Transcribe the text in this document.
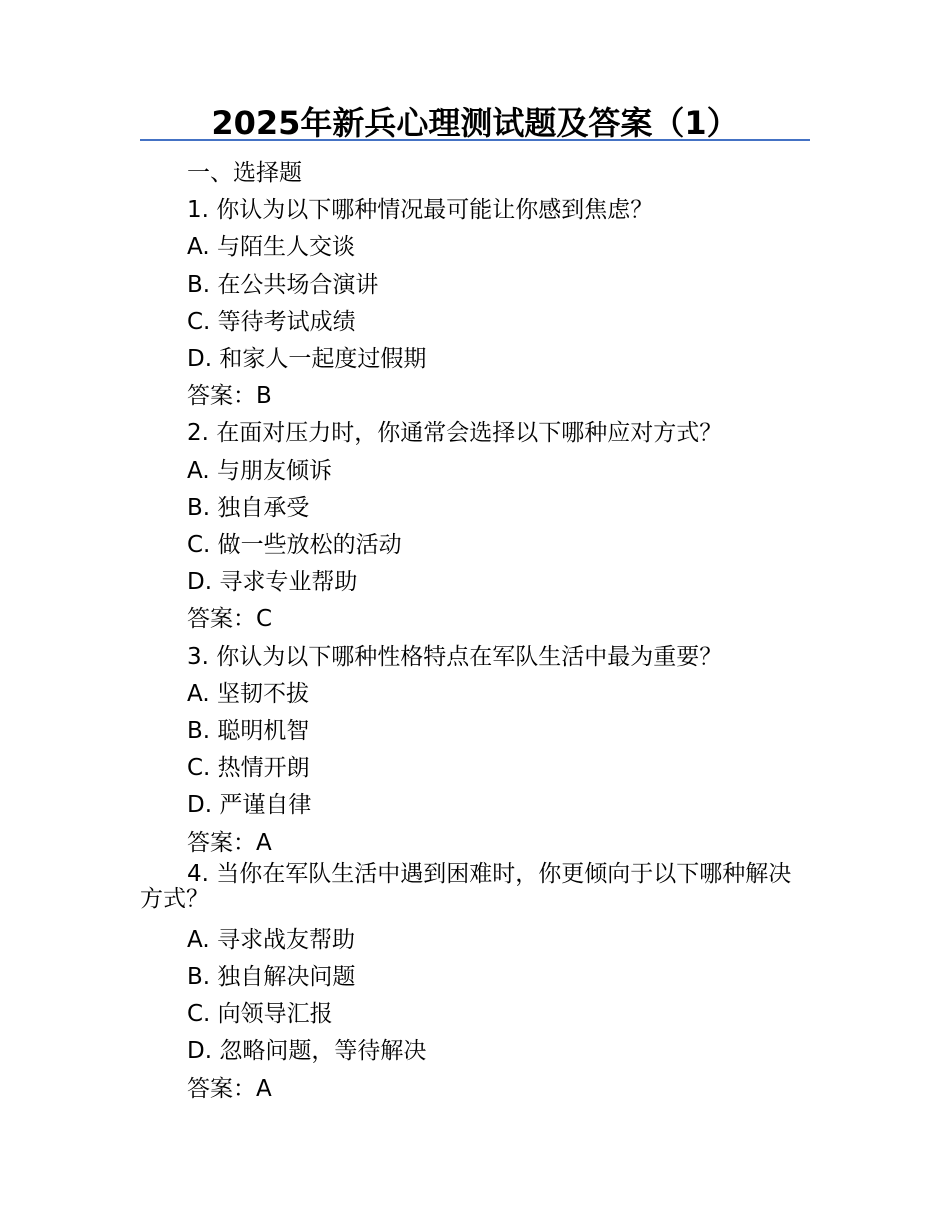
2025年新兵心理测试题及答案（1）
一、选择题
1. 你认为以下哪种情况最可能让你感到焦虑？
A. 与陌生人交谈
B. 在公共场合演讲
C. 等待考试成绩
D. 和家人一起度过假期
答案：B
2. 在面对压力时，你通常会选择以下哪种应对方式？
A. 与朋友倾诉
B. 独自承受
C. 做一些放松的活动
D. 寻求专业帮助
答案：C
3. 你认为以下哪种性格特点在军队生活中最为重要？
A. 坚韧不拔
B. 聪明机智
C. 热情开朗
D. 严谨自律
答案：A
4. 当你在军队生活中遇到困难时，你更倾向于以下哪种解决方式？
A. 寻求战友帮助
B. 独自解决问题
C. 向领导汇报
D. 忽略问题，等待解决
答案：A
